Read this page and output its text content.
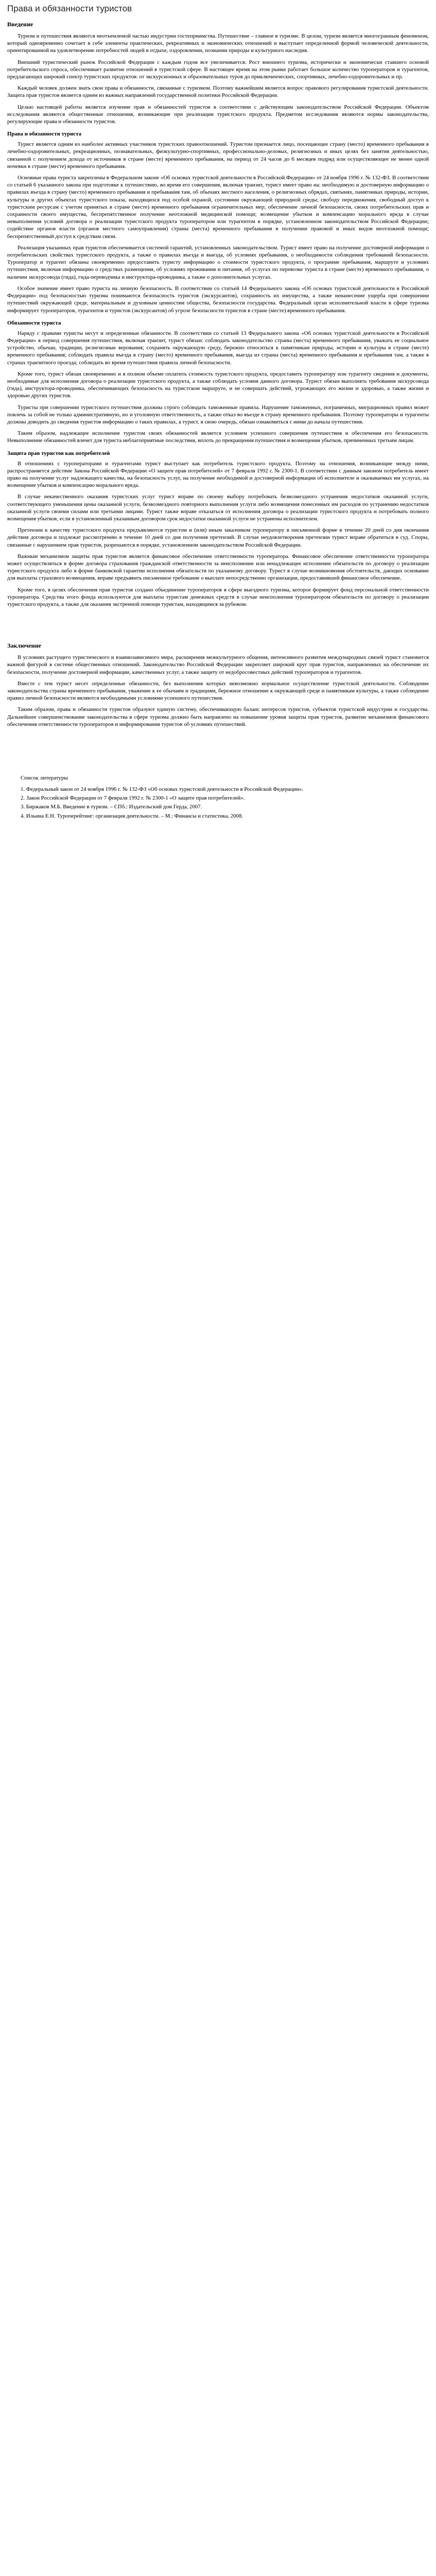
Права и обязанности туристов
Введение

Туризм и путешествия являются неотъемлемой частью индустрии гостеприимства. Путешествие – главное в туризме. В целом, туризм является многогранным феноменом, который одновременно сочетает в себе элементы практических, рекреативных и экономических отношений и выступает определенной формой человеческой деятельности, ориентированной на удовлетворение потребностей людей в отдыхе, оздоровлении, познании природы и культурного наследия.

Внешний туристический рынок Российской Федерации с каждым годом все увеличивается. Рост внешнего туризма, исторически и экономически ставшего основой потребительского спроса, обеспечивает развитие отношений в туристской сфере. В настоящее время на этом рынке работает большое количество туроператоров и турагентов, предлагающих широкий спектр туристских продуктов: от экскурсионных и образовательных туров до приключенческих, спортивных, лечебно-оздоровительных и пр.

Каждый человек должен знать свои права и обязанности, связанные с туризмом. Поэтому важнейшим является вопрос правового регулирования туристской деятельности. Защита прав туристов является одним из важных направлений государственной политики Российской Федерации.

Целью настоящей работы является изучение прав и обязанностей туристов в соответствии с действующим законодательством Российской Федерации. Объектом исследования являются общественные отношения, возникающие при реализации туристского продукта. Предметом исследования являются нормы законодательства, регулирующие права и обязанности туристов.

Права и обязанности туриста

Турист является одним из наиболее активных участников туристских правоотношений. Туристом признается лицо, посещающее страну (место) временного пребывания в лечебно-оздоровительных, рекреационных, познавательных, физкультурно-спортивных, профессионально-деловых, религиозных и иных целях без занятия деятельностью, связанной с получением дохода от источников в стране (месте) временного пребывания, на период от 24 часов до 6 месяцев подряд или осуществляющее не менее одной ночевки в стране (месте) временного пребывания.

Основные права туриста закреплены в Федеральном законе «Об основах туристской деятельности в Российской Федерации» от 24 ноября 1996 г. № 132-ФЗ. В соответствии со статьей 6 указанного закона при подготовке к путешествию, во время его совершения, включая транзит, турист имеет право на: необходимую и достоверную информацию о правилах въезда в страну (место) временного пребывания и пребывания там, об обычаях местного населения, о религиозных обрядах, святынях, памятниках природы, истории, культуры и других объектах туристского показа, находящихся под особой охраной, состоянии окружающей природной среды; свободу передвижения, свободный доступ к туристским ресурсам с учетом принятых в стране (месте) временного пребывания ограничительных мер; обеспечение личной безопасности, своих потребительских прав и сохранности своего имущества, беспрепятственное получение неотложной медицинской помощи; возмещение убытков и компенсацию морального вреда в случае невыполнения условий договора о реализации туристского продукта туроператором или турагентом в порядке, установленном законодательством Российской Федерации; содействие органов власти (органов местного самоуправления) страны (места) временного пребывания в получении правовой и иных видов неотложной помощи; беспрепятственный доступ к средствам связи.

Реализация указанных прав туристов обеспечивается системой гарантий, установленных законодательством. Турист имеет право на получение достоверной информации о потребительских свойствах туристского продукта, а также о правилах въезда и выезда, об условиях пребывания, о необходимости соблюдения требований безопасности. Туроператор и турагент обязаны своевременно предоставить туристу информацию о стоимости туристского продукта, о программе пребывания, маршруте и условиях путешествия, включая информацию о средствах размещения, об условиях проживания и питания, об услугах по перевозке туриста в стране (месте) временного пребывания, о наличии экскурсовода (гида), гида-переводчика и инструктора-проводника, а также о дополнительных услугах.

Особое значение имеет право туриста на личную безопасность. В соответствии со статьей 14 Федерального закона «Об основах туристской деятельности в Российской Федерации» под безопасностью туризма понимаются безопасность туристов (экскурсантов), сохранность их имущества, а также ненанесение ущерба при совершении путешествий окружающей среде, материальным и духовным ценностям общества, безопасности государства. Федеральный орган исполнительной власти в сфере туризма информирует туроператоров, турагентов и туристов (экскурсантов) об угрозе безопасности туристов в стране (месте) временного пребывания.

Обязанности туриста

Наряду с правами туристы несут и определенные обязанности. В соответствии со статьей 13 Федерального закона «Об основах туристской деятельности в Российской Федерации» в период совершения путешествия, включая транзит, турист обязан: соблюдать законодательство страны (места) временного пребывания, уважать ее социальное устройство, обычаи, традиции, религиозные верования; сохранять окружающую среду, бережно относиться к памятникам природы, истории и культуры в стране (месте) временного пребывания; соблюдать правила въезда в страну (место) временного пребывания, выезда из страны (места) временного пребывания и пребывания там, а также в странах транзитного проезда; соблюдать во время путешествия правила личной безопасности.

Кроме того, турист обязан своевременно и в полном объеме оплатить стоимость туристского продукта, предоставить туроператору или турагенту сведения и документы, необходимые для исполнения договора о реализации туристского продукта, а также соблюдать условия данного договора. Турист обязан выполнять требования экскурсовода (гида), инструктора-проводника, обеспечивающих безопасность на туристском маршруте, и не совершать действий, угрожающих его жизни и здоровью, а также жизни и здоровью других туристов.

Туристы при совершении туристского путешествия должны строго соблюдать таможенные правила. Нарушение таможенных, пограничных, миграционных правил может повлечь за собой не только административную, но и уголовную ответственность, а также отказ во въезде в страну временного пребывания. Поэтому туроператоры и турагенты должны доводить до сведения туристов информацию о таких правилах, а турист, в свою очередь, обязан ознакомиться с ними до начала путешествия.

Таким образом, надлежащее исполнение туристом своих обязанностей является условием успешного совершения путешествия и обеспечения его безопасности. Невыполнение обязанностей влечет для туриста неблагоприятные последствия, вплоть до прекращения путешествия и возмещения убытков, причиненных третьим лицам.

Защита прав туристов как потребителей

В отношениях с туроператорами и турагентами турист выступает как потребитель туристского продукта. Поэтому на отношения, возникающие между ними, распространяется действие Закона Российской Федерации «О защите прав потребителей» от 7 февраля 1992 г. № 2300-1. В соответствии с данным законом потребитель имеет право на получение услуг надлежащего качества, на безопасность услуг, на получение необходимой и достоверной информации об исполнителе и оказываемых им услугах, на возмещение убытков и компенсацию морального вреда.

В случае некачественного оказания туристских услуг турист вправе по своему выбору потребовать безвозмездного устранения недостатков оказанной услуги, соответствующего уменьшения цены оказанной услуги, безвозмездного повторного выполнения услуги либо возмещения понесенных им расходов по устранению недостатков оказанной услуги своими силами или третьими лицами. Турист также вправе отказаться от исполнения договора о реализации туристского продукта и потребовать полного возмещения убытков, если в установленный указанным договором срок недостатки оказанной услуги не устранены исполнителем.

Претензии к качеству туристского продукта предъявляются туристом и (или) иным заказчиком туроператору в письменной форме в течение 20 дней со дня окончания действия договора и подлежат рассмотрению в течение 10 дней со дня получения претензий. В случае неудовлетворения претензии турист вправе обратиться в суд. Споры, связанные с нарушением прав туристов, разрешаются в порядке, установленном законодательством Российской Федерации.

Важным механизмом защиты прав туристов является финансовое обеспечение ответственности туроператора. Финансовое обеспечение ответственности туроператора может осуществляться в форме договора страхования гражданской ответственности за неисполнение или ненадлежащее исполнение обязательств по договору о реализации туристского продукта либо в форме банковской гарантии исполнения обязательств по указанному договору. Турист в случае возникновения обстоятельств, дающих основание для выплаты страхового возмещения, вправе предъявить письменное требование о выплате непосредственно организации, предоставившей финансовое обеспечение.

Кроме того, в целях обеспечения прав туристов создано объединение туроператоров в сфере выездного туризма, которое формирует фонд персональной ответственности туроператора. Средства этого фонда используются для выплаты туристам денежных средств в случае неисполнения туроператором обязательств по договору о реализации туристского продукта, а также для оказания экстренной помощи туристам, находящимся за рубежом.

Заключение

В условиях растущего туристического и взаимозависимого мира, расширения межкультурного общения, интенсивного развития международных связей турист становится важной фигурой в системе общественных отношений. Законодательство Российской Федерации закрепляет широкий круг прав туристов, направленных на обеспечение их безопасности, получение достоверной информации, качественных услуг, а также защиту от недобросовестных действий туроператоров и турагентов.

Вместе с тем турист несет определенные обязанности, без выполнения которых невозможно нормальное осуществление туристской деятельности. Соблюдение законодательства страны временного пребывания, уважение к ее обычаям и традициям, бережное отношение к окружающей среде и памятникам культуры, а также соблюдение правил личной безопасности являются необходимыми условиями успешного путешествия.

Таким образом, права и обязанности туристов образуют единую систему, обеспечивающую баланс интересов туристов, субъектов туристской индустрии и государства. Дальнейшее совершенствование законодательства в сфере туризма должно быть направлено на повышение уровня защиты прав туристов, развитие механизмов финансового обеспечения ответственности туроператоров и информирования туристов об условиях путешествий.

Список литературы
1. Федеральный закон от 24 ноября 1996 г. № 132-ФЗ «Об основах туристской деятельности в Российской Федерации».
2. Закон Российской Федерации от 7 февраля 1992 г. № 2300-1 «О защите прав потребителей».
3. Биржаков М.Б. Введение в туризм. – СПб.: Издательский дом Герда, 2007.
4. Ильина Е.Н. Туроперейтинг: организация деятельности. – М.: Финансы и статистика, 2008.
